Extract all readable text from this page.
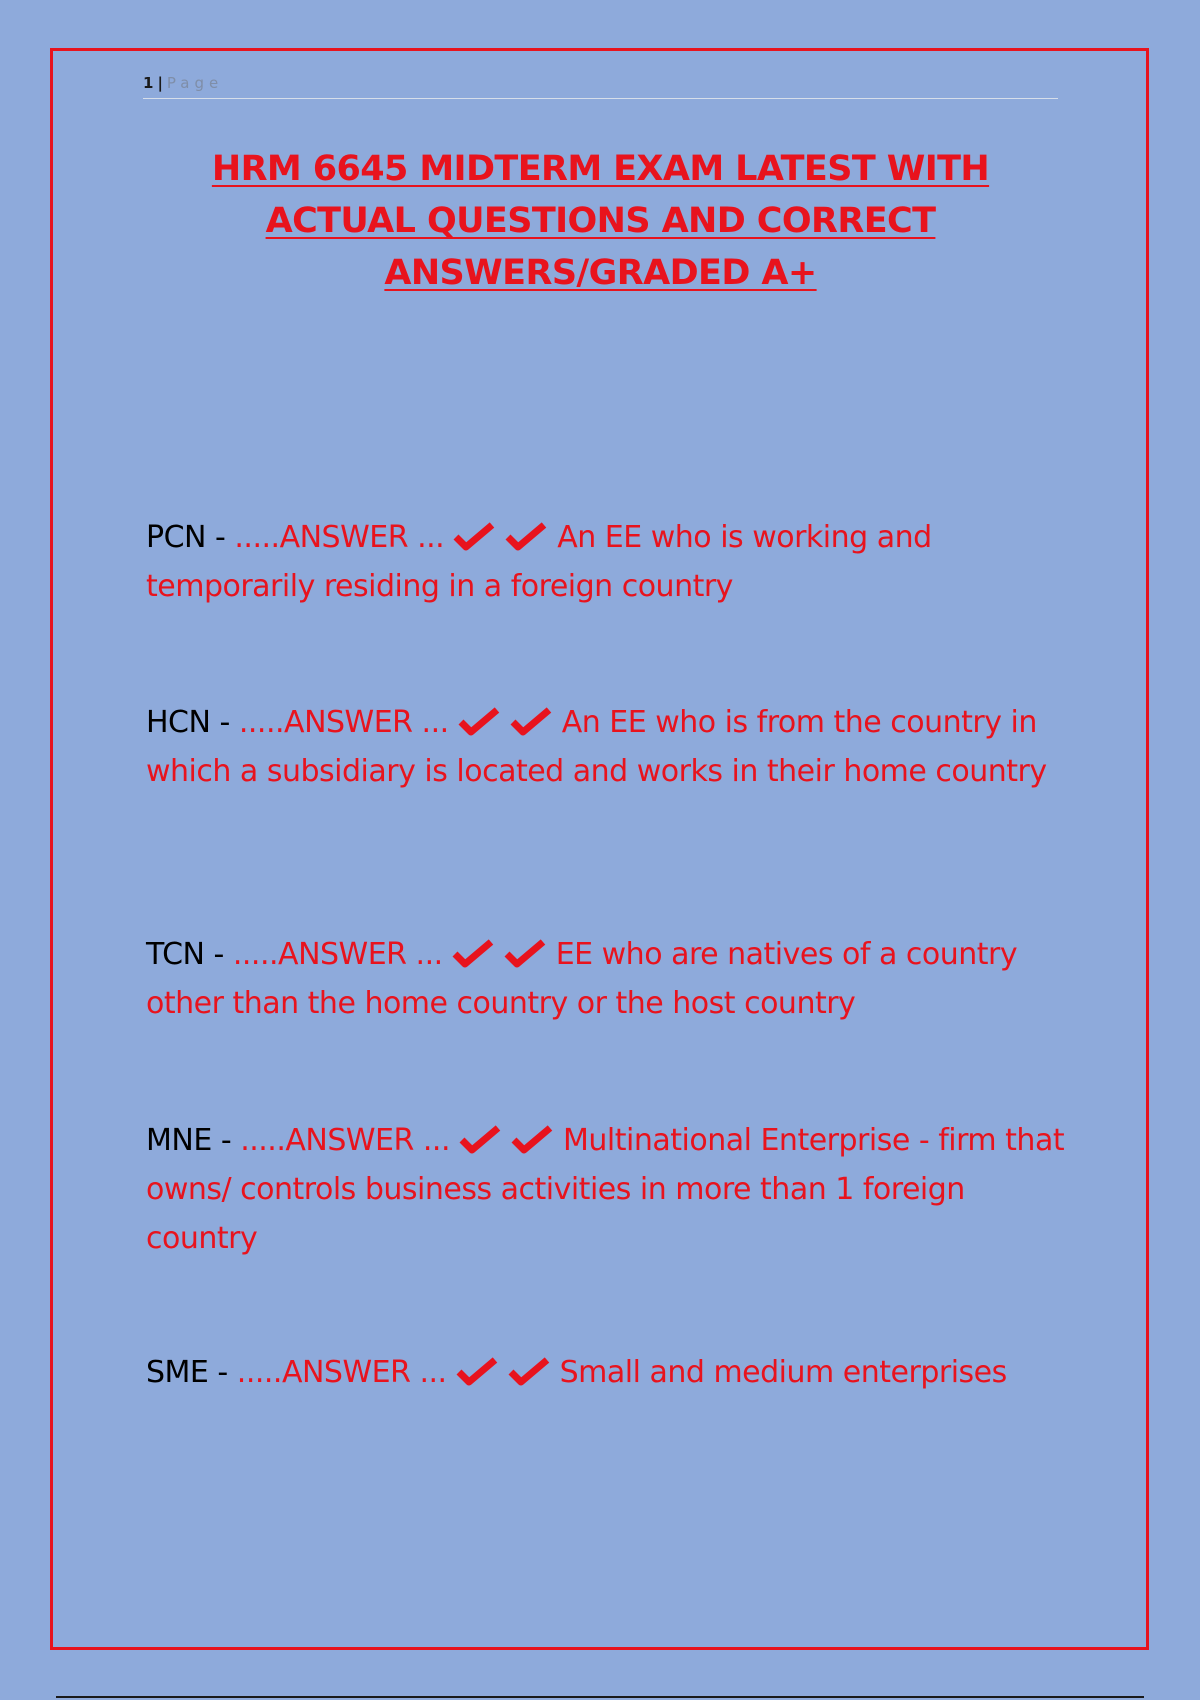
1 | Page
HRM 6645 MIDTERM EXAM LATEST WITH ACTUAL QUESTIONS AND CORRECT ANSWERS/GRADED A+

PCN - .....ANSWER ...	An EE who is working and temporarily residing in a foreign country

HCN - .....ANSWER ...	An EE who is from the country in which a subsidiary is located and works in their home country

TCN - .....ANSWER ...	EE who are natives of a country other than the home country or the host country

MNE - .....ANSWER ...	Multinational Enterprise - firm that owns/ controls business activities in more than 1 foreign country

SME - .....ANSWER ...	Small and medium enterprises
